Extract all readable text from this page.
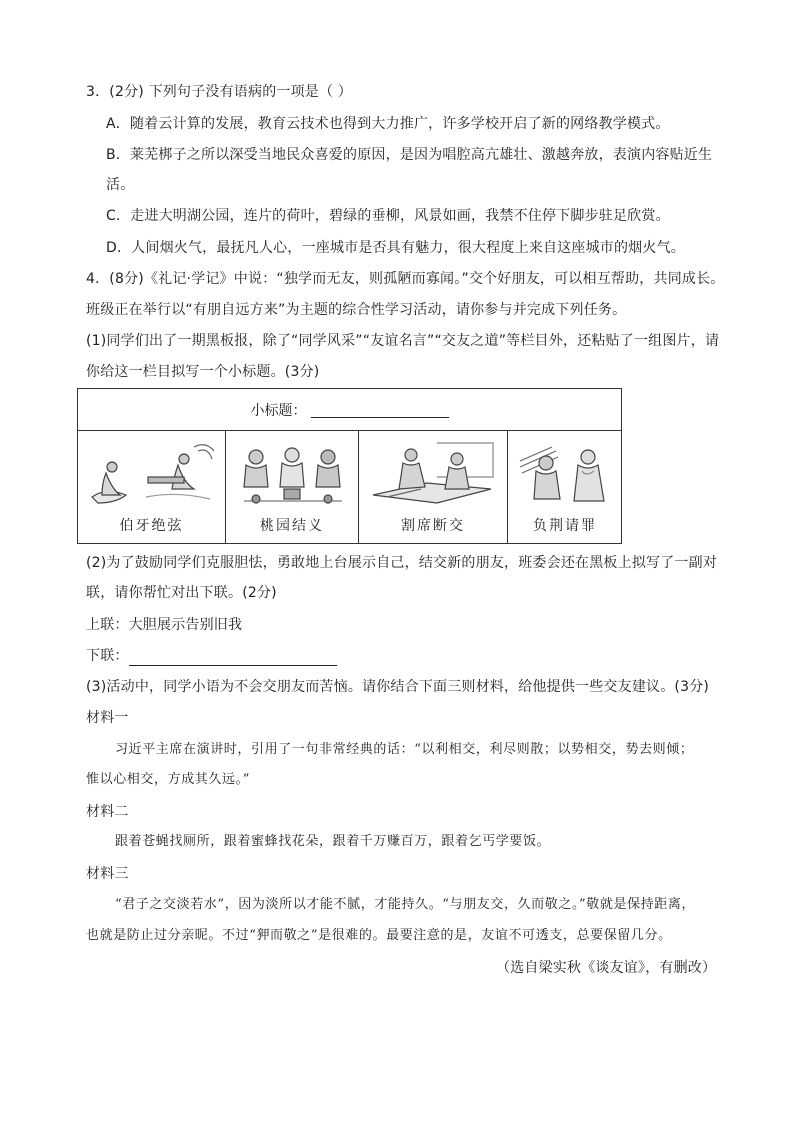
3．(2分) 下列句子没有语病的一项是（ ）
A．随着云计算的发展，教育云技术也得到大力推广，许多学校开启了新的网络教学模式。
B．莱芜梆子之所以深受当地民众喜爱的原因，是因为唱腔高亢雄壮、激越奔放，表演内容贴近生
活。
C．走进大明湖公园，连片的荷叶，碧绿的垂柳，风景如画，我禁不住停下脚步驻足欣赏。
D．人间烟火气，最抚凡人心，一座城市是否具有魅力，很大程度上来自这座城市的烟火气。
4．(8分)《礼记·学记》中说：“独学而无友，则孤陋而寡闻。”交个好朋友，可以相互帮助，共同成长。
班级正在举行以“有朋自远方来”为主题的综合性学习活动，请你参与并完成下列任务。
(1)同学们出了一期黑板报，除了“同学风采”“友谊名言”“交友之道”等栏目外，还粘贴了一组图片，请
你给这一栏目拟写一个小标题。(3分)
小标题：
伯牙绝弦	桃园结义	割席断交	负荆请罪
(2)为了鼓励同学们克服胆怯，勇敢地上台展示自己，结交新的朋友，班委会还在黑板上拟写了一副对
联，请你帮忙对出下联。(2分)
上联：大胆展示告别旧我
下联：
(3)活动中，同学小语为不会交朋友而苦恼。请你结合下面三则材料，给他提供一些交友建议。(3分)
材料一
习近平主席在演讲时，引用了一句非常经典的话：“以利相交，利尽则散；以势相交，势去则倾；
惟以心相交，方成其久远。”
材料二
跟着苍蝇找厕所，跟着蜜蜂找花朵，跟着千万赚百万，跟着乞丐学要饭。
材料三
“君子之交淡若水”，因为淡所以才能不腻，才能持久。“与朋友交，久而敬之。”敬就是保持距离，
也就是防止过分亲昵。不过“狎而敬之”是很难的。最要注意的是，友谊不可透支，总要保留几分。
（选自梁实秋《谈友谊》，有删改）
